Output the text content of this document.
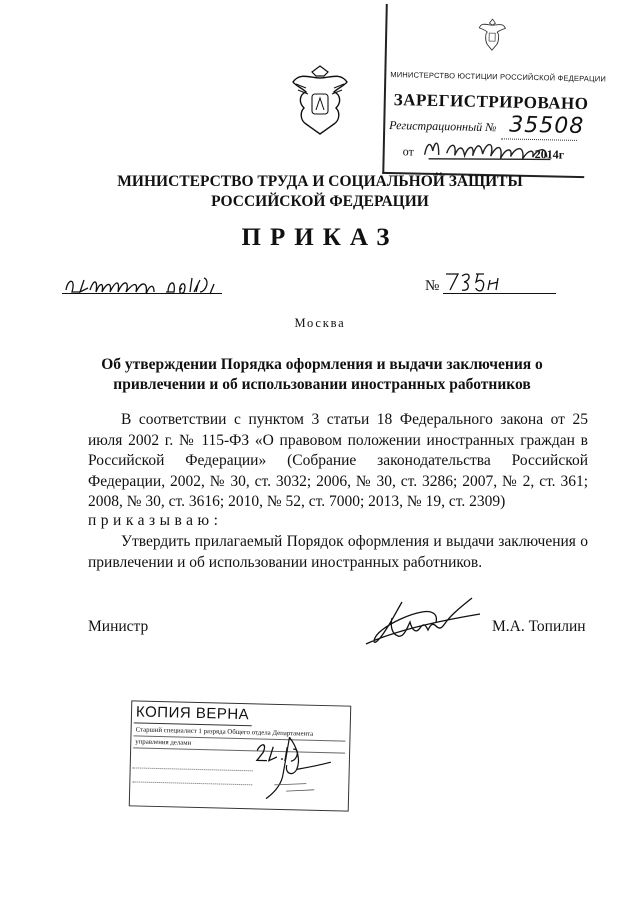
МИНИСТЕРСТВО ЮСТИЦИИ РОССИЙСКОЙ ФЕДЕРАЦИИ
ЗАРЕГИСТРИРОВАНО
Регистрационный № 35508
от	2014г
МИНИСТЕРСТВО ТРУДА И СОЦИАЛЬНОЙ ЗАЩИТЫ РОССИЙСКОЙ ФЕДЕРАЦИИ
ПРИКАЗ
№
Москва
Об утверждении Порядка оформления и выдачи заключения о привлечении и об использовании иностранных работников
В соответствии с пунктом 3 статьи 18 Федерального закона от 25 июля 2002 г. № 115-ФЗ «О правовом положении иностранных граждан в Российской Федерации» (Собрание законодательства Российской Федерации, 2002, № 30, ст. 3032; 2006, № 30, ст. 3286; 2007, № 2, ст. 361; 2008, № 30, ст. 3616; 2010, № 52, ст. 7000; 2013, № 19, ст. 2309)
приказываю:
Утвердить прилагаемый Порядок оформления и выдачи заключения о привлечении и об использовании иностранных работников.
Министр	М.А. Топилин
КОПИЯ ВЕРНА
Старший специалист 1 разряда Общего отдела Департамента
управления делами
